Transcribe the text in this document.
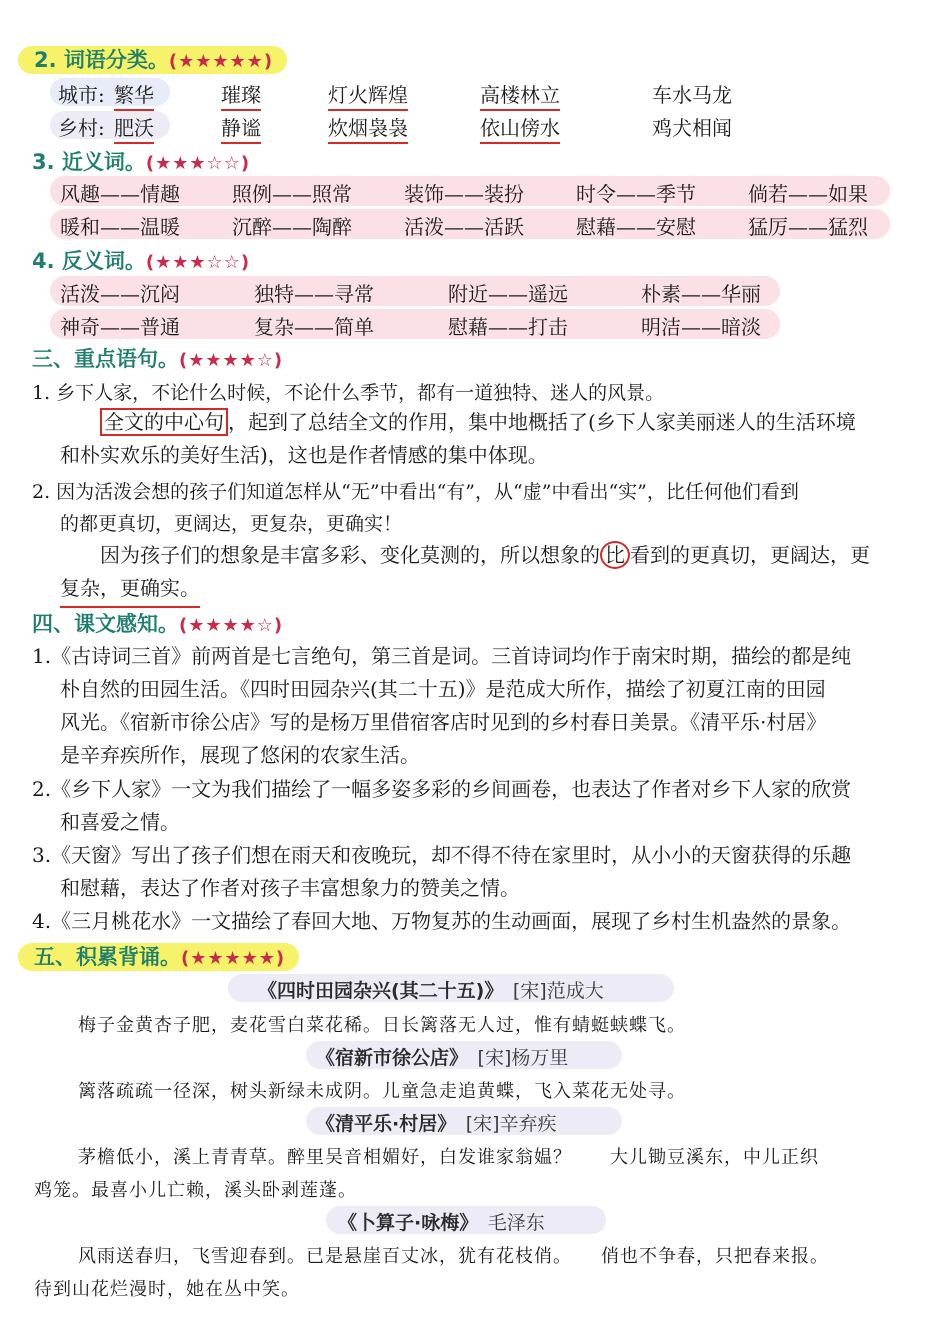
2. 词语分类。(★★★★★)
城市: 繁华	璀璨	灯火辉煌	高楼林立	车水马龙
乡村: 肥沃	静谧	炊烟袅袅	依山傍水	鸡犬相闻
3. 近义词。(★★★☆☆)
风趣——情趣	照例——照常	装饰——装扮	时令——季节	倘若——如果
暖和——温暖	沉醉——陶醉	活泼——活跃	慰藉——安慰	猛厉——猛烈
4. 反义词。(★★★☆☆)
活泼——沉闷	独特——寻常	附近——遥远	朴素——华丽
神奇——普通	复杂——简单	慰藉——打击	明洁——暗淡
三、重点语句。(★★★★☆)
1. 乡下人家，不论什么时候，不论什么季节，都有一道独特、迷人的风景。
全文的中心句 ，起到了总结全文的作用，集中地概括了(乡下人家美丽迷人的生活环境
和朴实欢乐的美好生活)，这也是作者情感的集中体现。
2. 因为活泼会想的孩子们知道怎样从“无”中看出“有”，从“虚”中看出“实”，比任何他们看到
的都更真切，更阔达，更复杂，更确实！
因为孩子们的想象是丰富多彩、变化莫测的，所以想象的 比 看到的更真切，更阔达，更
复杂，更确实。
四、课文感知。(★★★★☆)
1.《古诗词三首》前两首是七言绝句，第三首是词。三首诗词均作于南宋时期，描绘的都是纯
朴自然的田园生活。《四时田园杂兴(其二十五)》是范成大所作，描绘了初夏江南的田园
风光。《宿新市徐公店》写的是杨万里借宿客店时见到的乡村春日美景。《清平乐·村居》
是辛弃疾所作，展现了悠闲的农家生活。
2.《乡下人家》一文为我们描绘了一幅多姿多彩的乡间画卷，也表达了作者对乡下人家的欣赏
和喜爱之情。
3.《天窗》写出了孩子们想在雨天和夜晚玩，却不得不待在家里时，从小小的天窗获得的乐趣
和慰藉，表达了作者对孩子丰富想象力的赞美之情。
4.《三月桃花水》一文描绘了春回大地、万物复苏的生动画面，展现了乡村生机盎然的景象。
五、积累背诵。(★★★★★)
《四时田园杂兴(其二十五)》　 [宋]范成大
梅子金黄杏子肥，麦花雪白菜花稀。日长篱落无人过，惟有蜻蜓蛱蝶飞。
《宿新市徐公店》　 [宋]杨万里
篱落疏疏一径深，树头新绿未成阴。儿童急走追黄蝶，飞入菜花无处寻。
《清平乐·村居》　 [宋]辛弃疾
茅檐低小，溪上青青草。醉里吴音相媚好，白发谁家翁媪？　　大儿锄豆溪东，中儿正织
鸡笼。最喜小儿亡赖，溪头卧剥莲蓬。
《卜算子·咏梅》　 毛泽东
风雨送春归，飞雪迎春到。已是悬崖百丈冰，犹有花枝俏。　　俏也不争春，只把春来报。
待到山花烂漫时，她在丛中笑。
